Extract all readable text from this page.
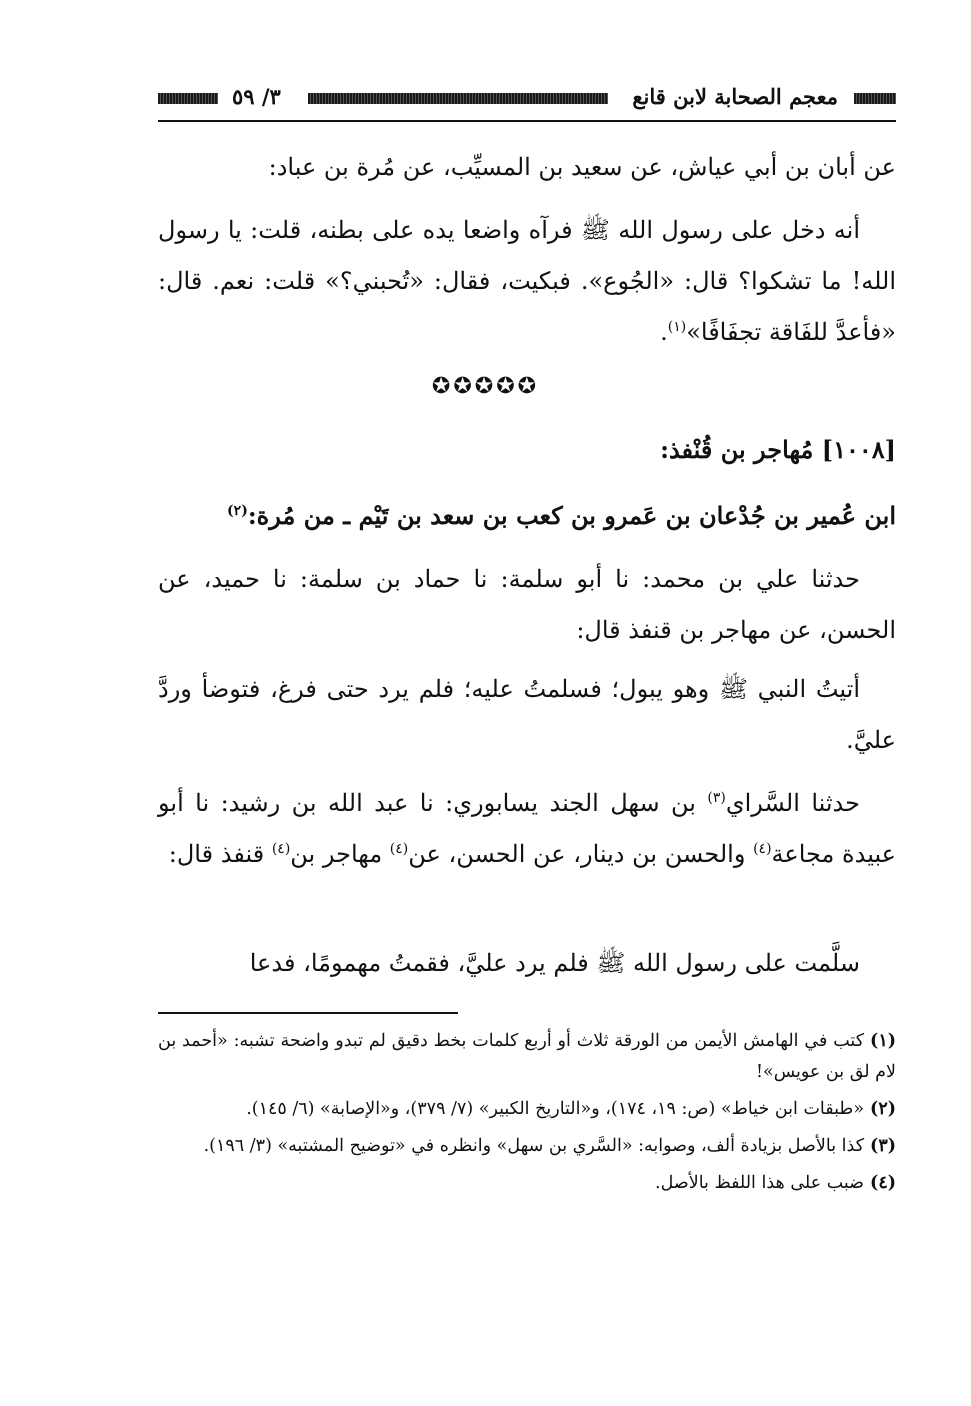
معجم الصحابة لابن قانع
٣/ ٥٩

عن أبان بن أبي عياش، عن سعيد بن المسيِّب، عن مُرة بن عباد:

أنه دخل على رسول الله ﷺ فرآه واضعا يده على بطنه، قلت: يا رسول الله! ما تشكوا؟ قال: «الجُوع». فبكيت، فقال: «تُحبني؟» قلت: نعم. قال: «فأعدَّ للفَاقة تجفَافًا»$^{(١)}$.

✪✪✪✪✪

[١٠٠٨] مُهاجر بن قُنْفذ:

ابن عُمير بن جُدْعان بن عَمرو بن كعب بن سعد بن تَيْم ـ من مُرة:$^{(٢)}$

حدثنا علي بن محمد: نا أبو سلمة: نا حماد بن سلمة: نا حميد، عن الحسن، عن مهاجر بن قنفذ قال:

أتيتُ النبي ﷺ وهو يبول؛ فسلمتُ عليه؛ فلم يرد حتى فرغ، فتوضأ وردَّ عليَّ.

حدثنا السَّراي$^{(٣)}$ بن سهل الجند يسابوري: نا عبد الله بن رشيد: نا أبو عبيدة مجاعة$^{(٤)}$ والحسن بن دينار، عن الحسن، عن$^{(٤)}$ مهاجر بن$^{(٤)}$ قنفذ قال:

سلَّمت على رسول الله ﷺ فلم يرد عليَّ، فقمتُ مهمومًا، فدعا

(١)كتب في الهامش الأيمن من الورقة ثلاث أو أربع كلمات بخط دقيق لم تبدو واضحة تشبه: «أحمد بن لام لق بن عويس»!

(٢)«طبقات ابن خياط» (ص: ١٩، ١٧٤)، و«التاريخ الكبير» (٧/ ٣٧٩)، و«الإصابة» (٦/ ١٤٥).

(٣)كذا بالأصل بزيادة ألف، وصوابه: «السَّري بن سهل» وانظره في «توضيح المشتبه» (٣/ ١٩٦).

(٤)ضبب على هذا اللفظ بالأصل.
